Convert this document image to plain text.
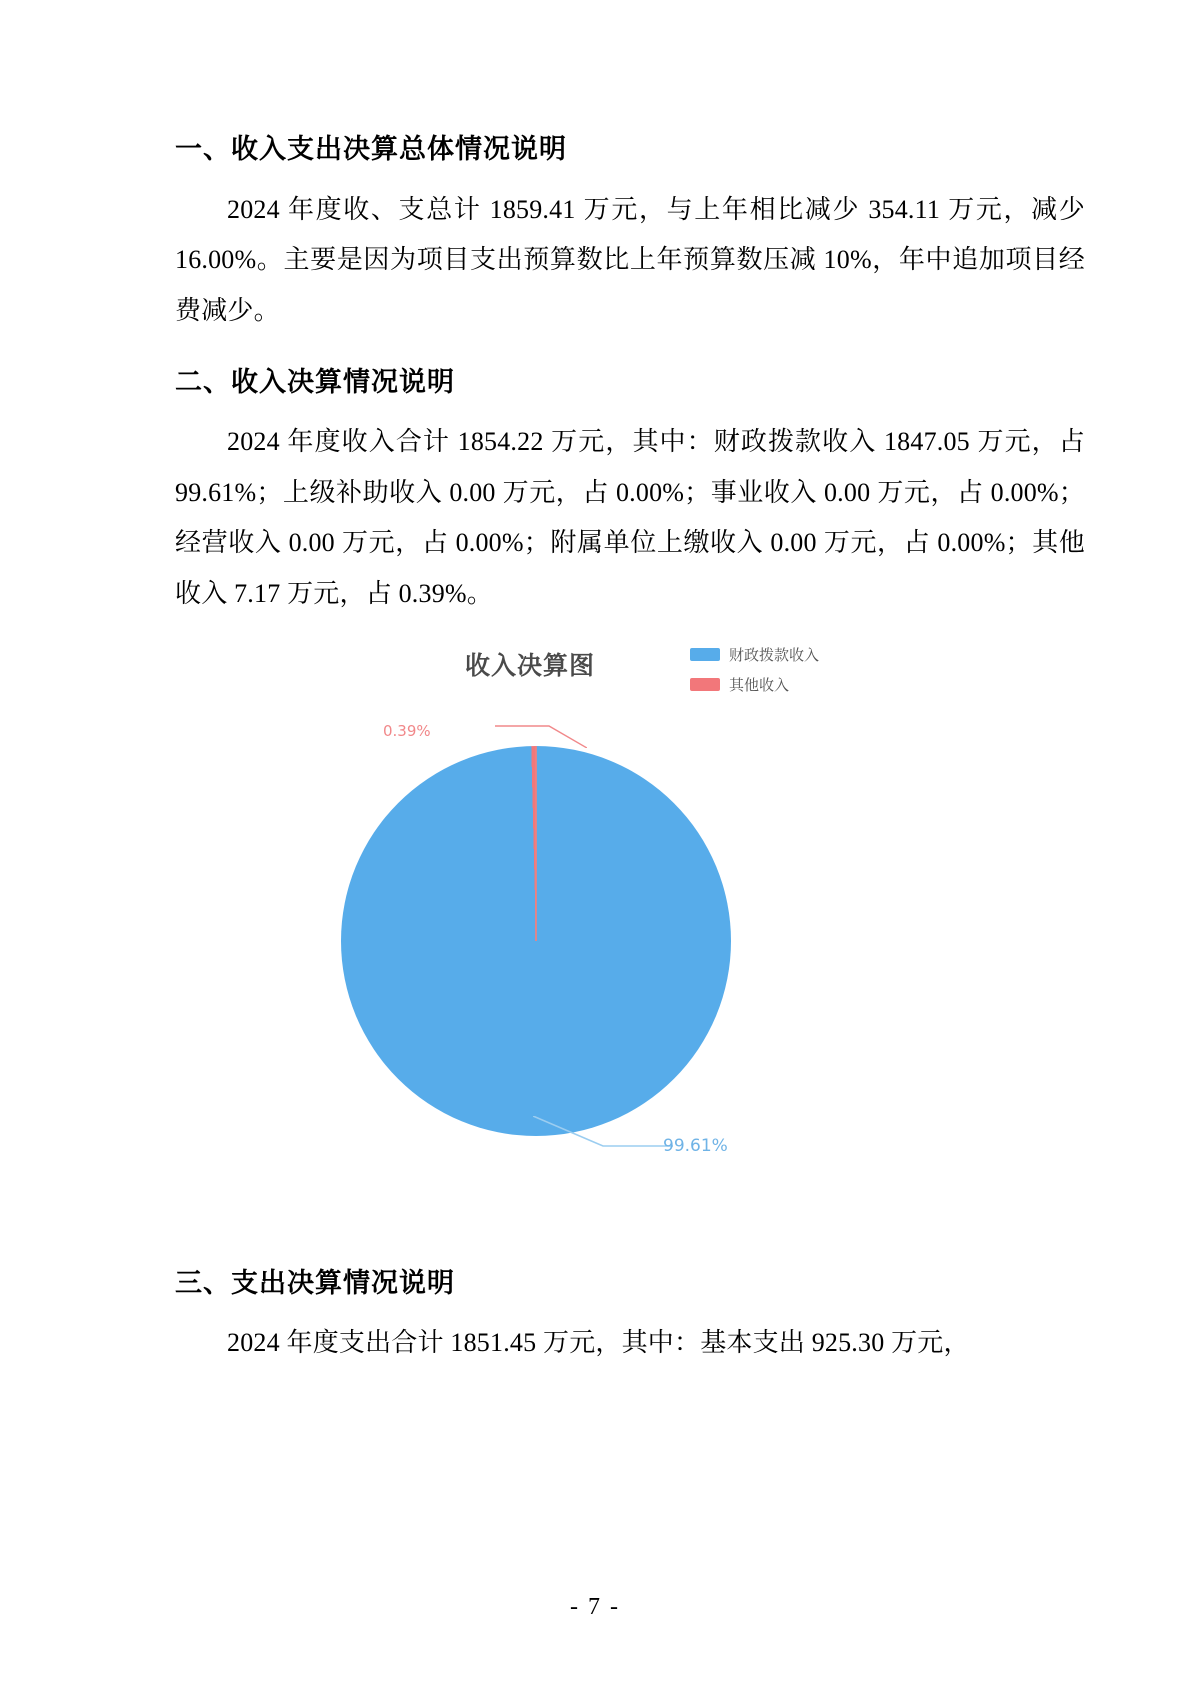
一、收入支出决算总体情况说明

2024 年度收、支总计 1859.41 万元，与上年相比减少 354.11 万元，减少 16.00%。主要是因为项目支出预算数比上年预算数压减 10%，年中追加项目经费减少。

二、收入决算情况说明

2024 年度收入合计 1854.22 万元，其中：财政拨款收入 1847.05 万元，占 99.61%；上级补助收入 0.00 万元，占 0.00%；事业收入 0.00 万元，占 0.00%；经营收入 0.00 万元，占 0.00%；附属单位上缴收入 0.00 万元，占 0.00%；其他收入 7.17 万元，占 0.39%。

收入决算图	财政拨款收入
其他收入
0.39%
99.61%
三、支出决算情况说明

2024 年度支出合计 1851.45 万元，其中：基本支出 925.30 万元，

- 7 -
